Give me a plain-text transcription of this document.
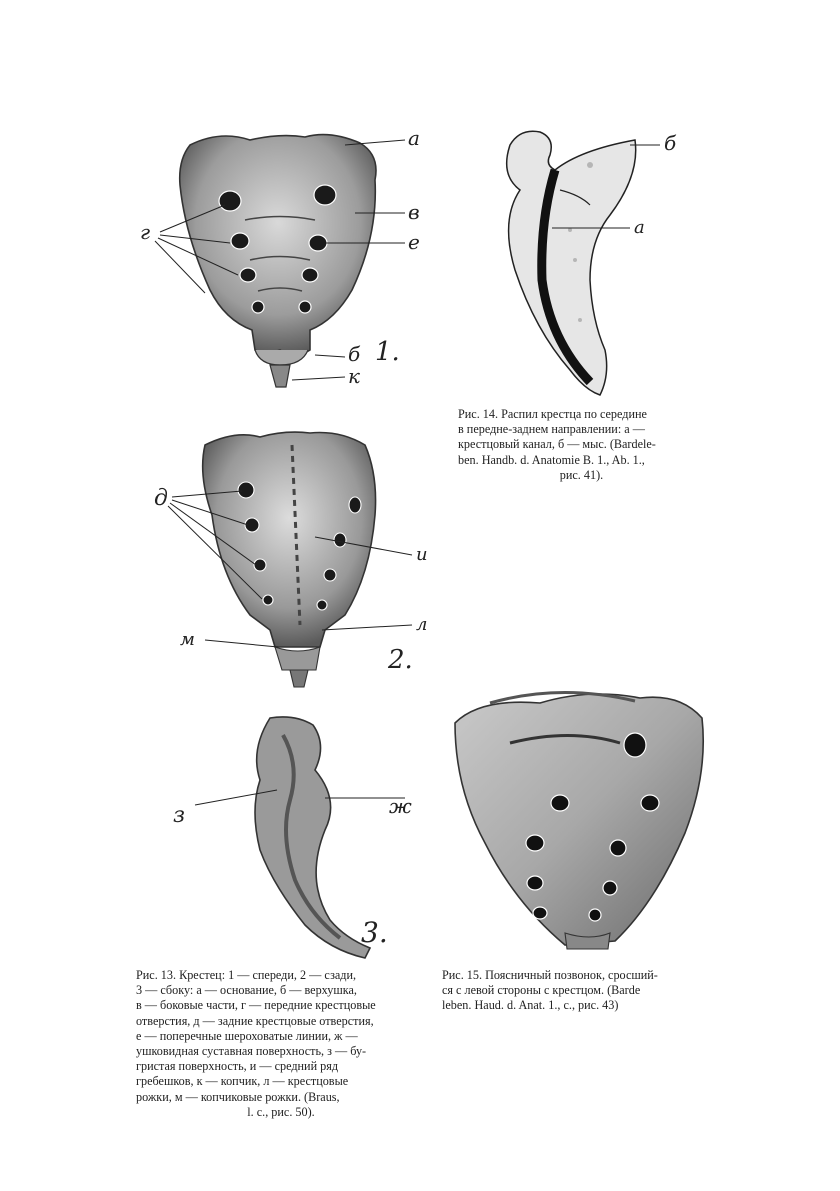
а
в
е
г
б
к
1.
б
а

Рис. 14. Распил крестца по середине

в передне-заднем направлении: а —

крестцовый канал, б — мыс. (Bardele-

ben. Handb. d. Anatomie B. 1., Ab. 1.,

рис. 41).

д
и
л
м
2.
з	ж
3.

Рис. 13. Крестец: 1 — спереди, 2 — сзади,

3 — сбоку: а — основание, б — верхушка,

в — боковые части, г — передние крестцовые

отверстия, д — задние крестцовые отверстия,

е — поперечные шероховатые линии, ж —

ушковидная суставная поверхность, з — бу-

гристая поверхность, и — средний ряд

гребешков, к — копчик, л — крестцовые

рожки, м — копчиковые рожки. (Braus,

l. c., рис. 50).

Рис. 15. Поясничный позвонок, сросший-

ся с левой стороны с крестцом. (Barde

leben. Haud. d. Anat. 1., c., рис. 43)
